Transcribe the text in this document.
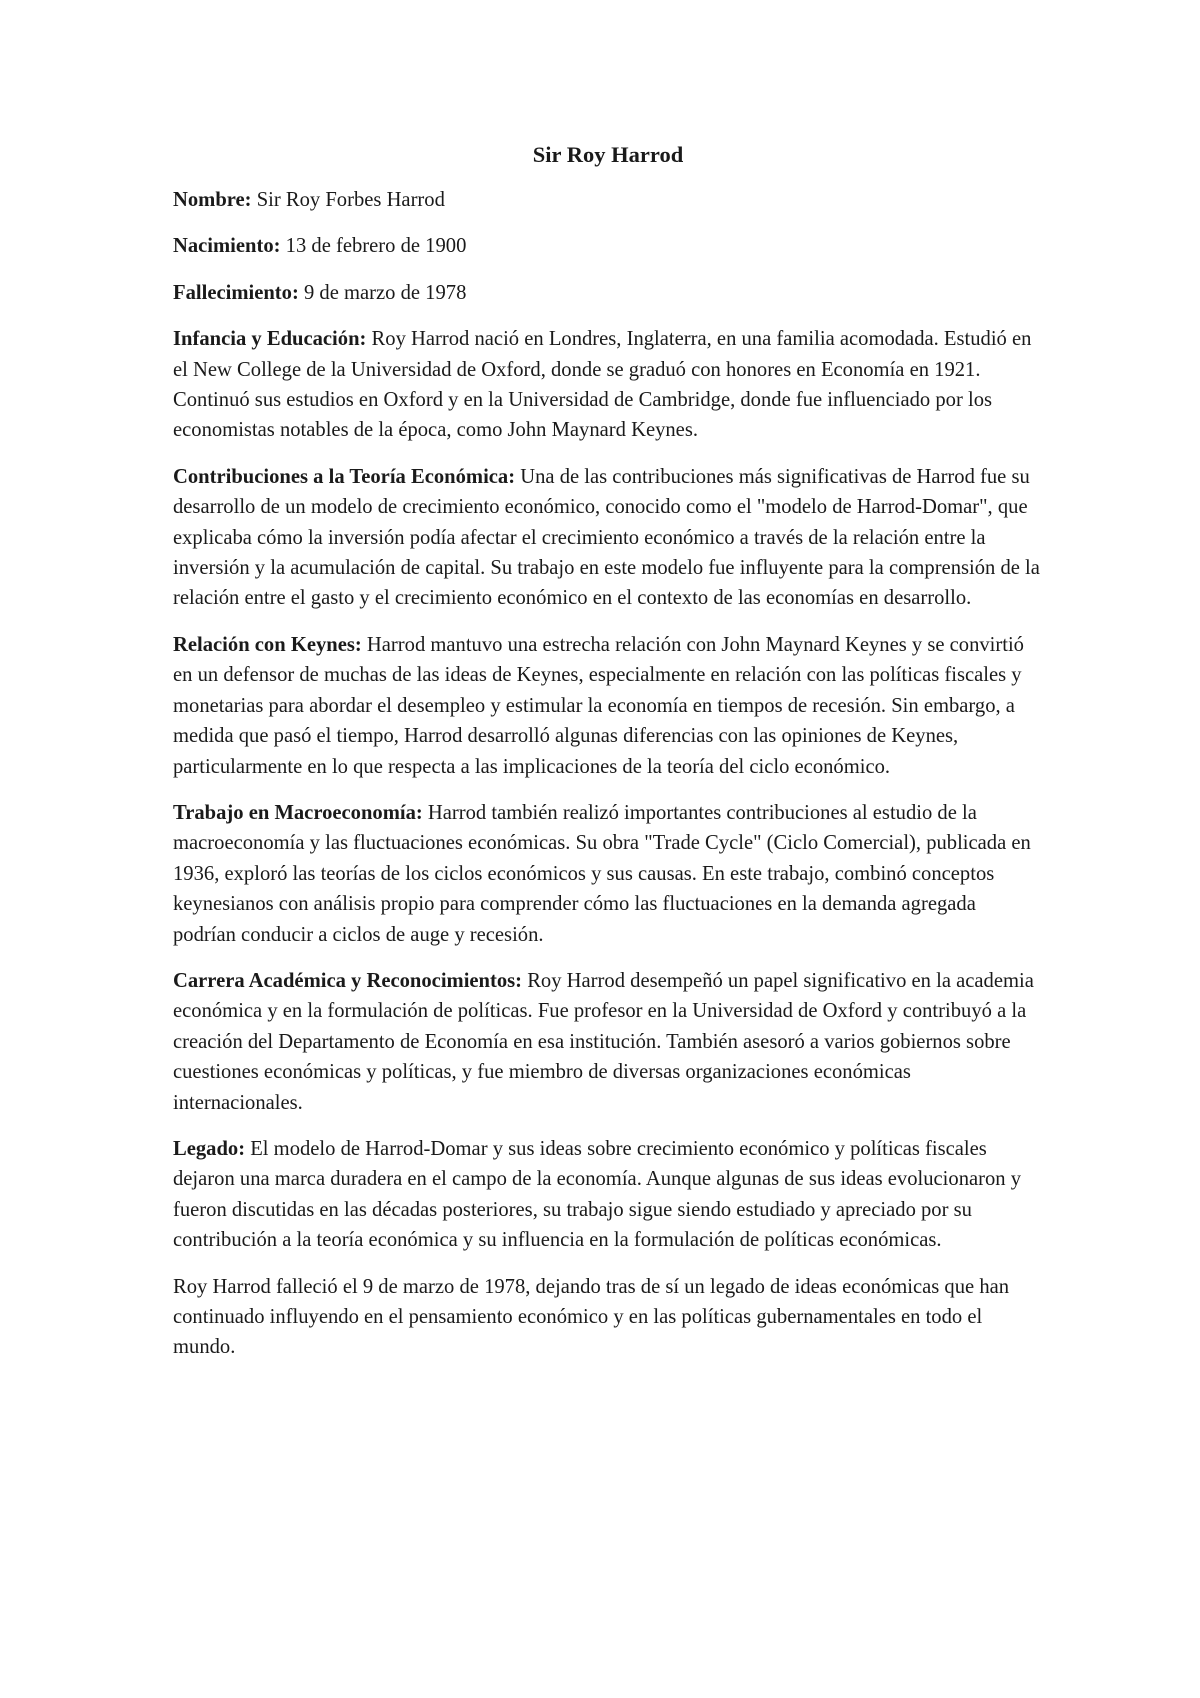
Sir Roy Harrod

Nombre: Sir Roy Forbes Harrod

Nacimiento: 13 de febrero de 1900

Fallecimiento: 9 de marzo de 1978

Infancia y Educación: Roy Harrod nació en Londres, Inglaterra, en una familia acomodada. Estudió en el New College de la Universidad de Oxford, donde se graduó con honores en Economía en 1921. Continuó sus estudios en Oxford y en la Universidad de Cambridge, donde fue influenciado por los economistas notables de la época, como John Maynard Keynes.

Contribuciones a la Teoría Económica: Una de las contribuciones más significativas de Harrod fue su desarrollo de un modelo de crecimiento económico, conocido como el "modelo de Harrod-Domar", que explicaba cómo la inversión podía afectar el crecimiento económico a través de la relación entre la inversión y la acumulación de capital. Su trabajo en este modelo fue influyente para la comprensión de la relación entre el gasto y el crecimiento económico en el contexto de las economías en desarrollo.

Relación con Keynes: Harrod mantuvo una estrecha relación con John Maynard Keynes y se convirtió en un defensor de muchas de las ideas de Keynes, especialmente en relación con las políticas fiscales y monetarias para abordar el desempleo y estimular la economía en tiempos de recesión. Sin embargo, a medida que pasó el tiempo, Harrod desarrolló algunas diferencias con las opiniones de Keynes, particularmente en lo que respecta a las implicaciones de la teoría del ciclo económico.

Trabajo en Macroeconomía: Harrod también realizó importantes contribuciones al estudio de la macroeconomía y las fluctuaciones económicas. Su obra "Trade Cycle" (Ciclo Comercial), publicada en 1936, exploró las teorías de los ciclos económicos y sus causas. En este trabajo, combinó conceptos keynesianos con análisis propio para comprender cómo las fluctuaciones en la demanda agregada podrían conducir a ciclos de auge y recesión.

Carrera Académica y Reconocimientos: Roy Harrod desempeñó un papel significativo en la academia económica y en la formulación de políticas. Fue profesor en la Universidad de Oxford y contribuyó a la creación del Departamento de Economía en esa institución. También asesoró a varios gobiernos sobre cuestiones económicas y políticas, y fue miembro de diversas organizaciones económicas internacionales.

Legado: El modelo de Harrod-Domar y sus ideas sobre crecimiento económico y políticas fiscales dejaron una marca duradera en el campo de la economía. Aunque algunas de sus ideas evolucionaron y fueron discutidas en las décadas posteriores, su trabajo sigue siendo estudiado y apreciado por su contribución a la teoría económica y su influencia en la formulación de políticas económicas.

Roy Harrod falleció el 9 de marzo de 1978, dejando tras de sí un legado de ideas económicas que han continuado influyendo en el pensamiento económico y en las políticas gubernamentales en todo el mundo.
